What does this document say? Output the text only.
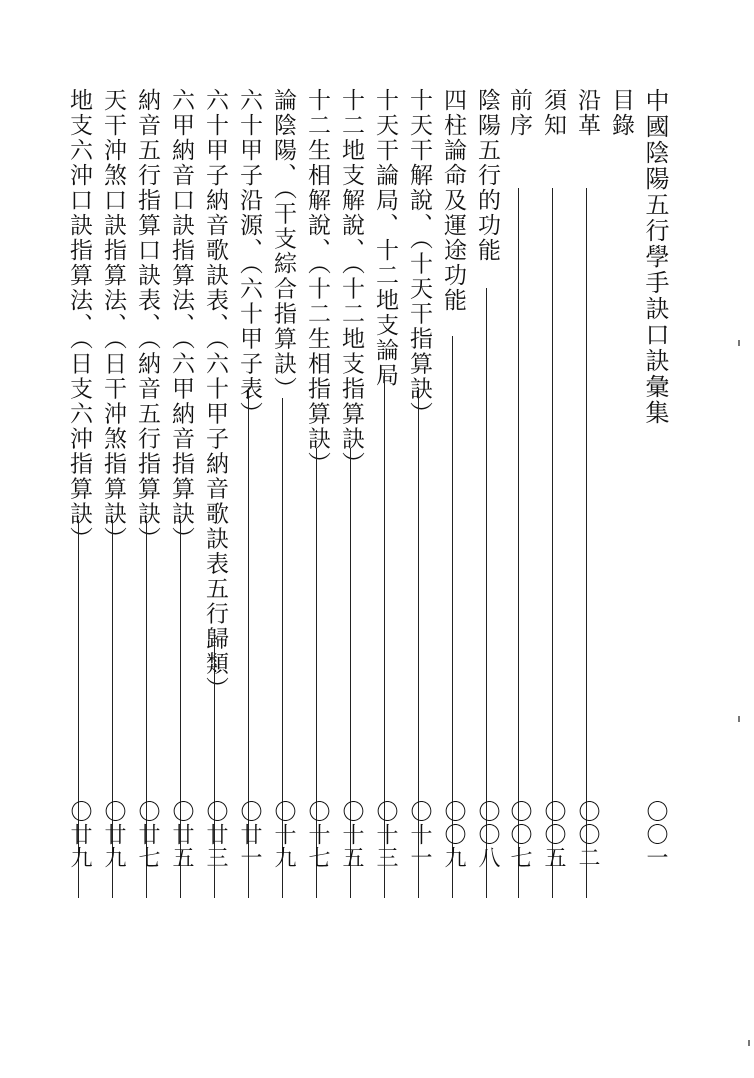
中國陰陽五行學手訣口訣彙集
〇〇一
目錄
沿革
〇〇二
須知
〇〇五
前序
〇〇七
陰陽五行的功能
〇〇八
四柱論命及運途功能
〇〇九
十天干解說、（十天干指算訣）
〇十一
十天干論局、十二地支論局
〇十三
十二地支解說、（十二地支指算訣）
〇十五
十二生相解說、（十二生相指算訣）
〇十七
論陰陽、（干支綜合指算訣）
〇十九
六十甲子沿源、（六十甲子表）
〇廿一
六十甲子納音歌訣表、（六十甲子納音歌訣表五行歸類）
〇廿三
六甲納音口訣指算法、（六甲納音指算訣）
〇廿五
納音五行指算口訣表、（納音五行指算訣）
〇廿七
天干沖煞口訣指算法、（日干沖煞指算訣）
〇廿九
地支六沖口訣指算法、（日支六沖指算訣）
〇廿九
